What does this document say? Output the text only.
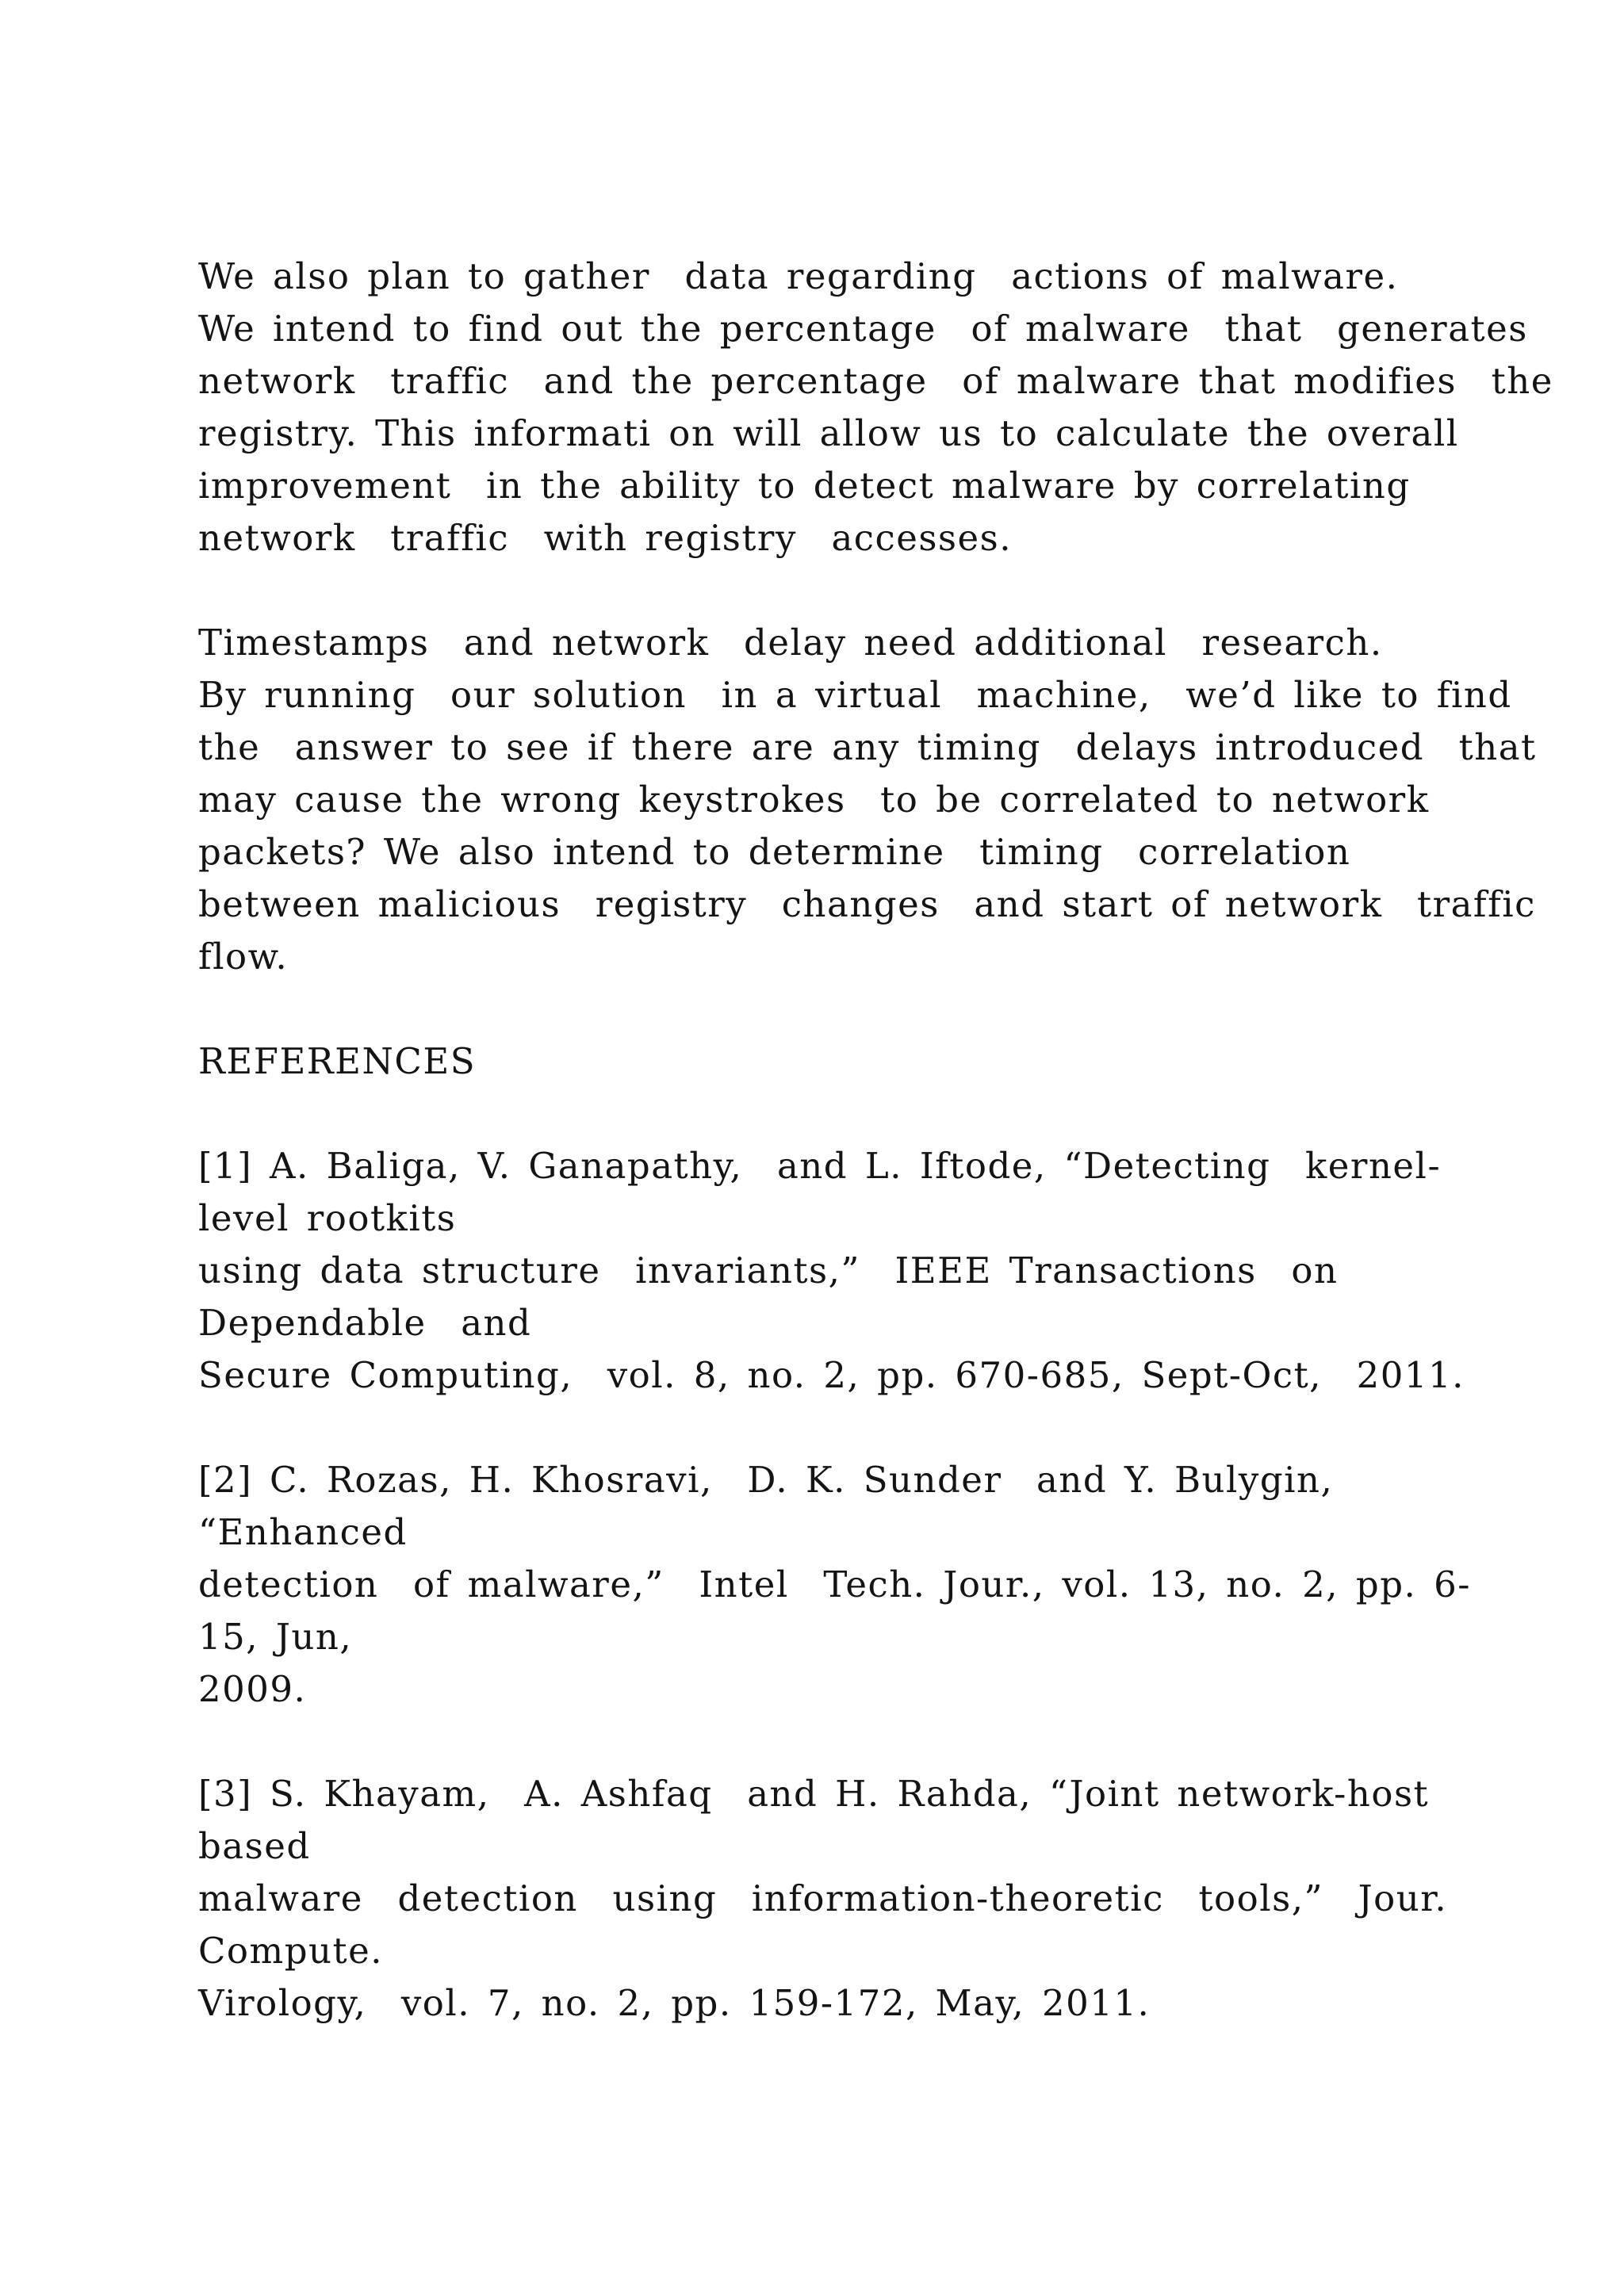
We also plan to gather  data regarding  actions of malware.

We intend to find out the percentage  of malware  that  generates

network  traffic  and the percentage  of malware that modifies  the

registry. This informati on will allow us to calculate the overall

improvement  in the ability to detect malware by correlating

network  traffic  with registry  accesses.

Timestamps  and network  delay need additional  research.

By running  our solution  in a virtual  machine,  we’d like to find

the  answer to see if there are any timing  delays introduced  that

may cause the wrong keystrokes  to be correlated to network

packets? We also intend to determine  timing  correlation

between malicious  registry  changes  and start of network  traffic

flow.

REFERENCES

[1] A. Baliga, V. Ganapathy,  and L. Iftode, “Detecting  kernel-

level rootkits

using data structure  invariants,”  IEEE Transactions  on

Dependable  and

Secure Computing,  vol. 8, no. 2, pp. 670-685, Sept-Oct,  2011.

[2] C. Rozas, H. Khosravi,  D. K. Sunder  and Y. Bulygin,

“Enhanced

detection  of malware,”  Intel  Tech. Jour., vol. 13, no. 2, pp. 6-

15, Jun,

2009.

[3] S. Khayam,  A. Ashfaq  and H. Rahda, “Joint network-host

based

malware  detection  using  information-theoretic  tools,”  Jour.

Compute.

Virology,  vol. 7, no. 2, pp. 159-172, May, 2011.
